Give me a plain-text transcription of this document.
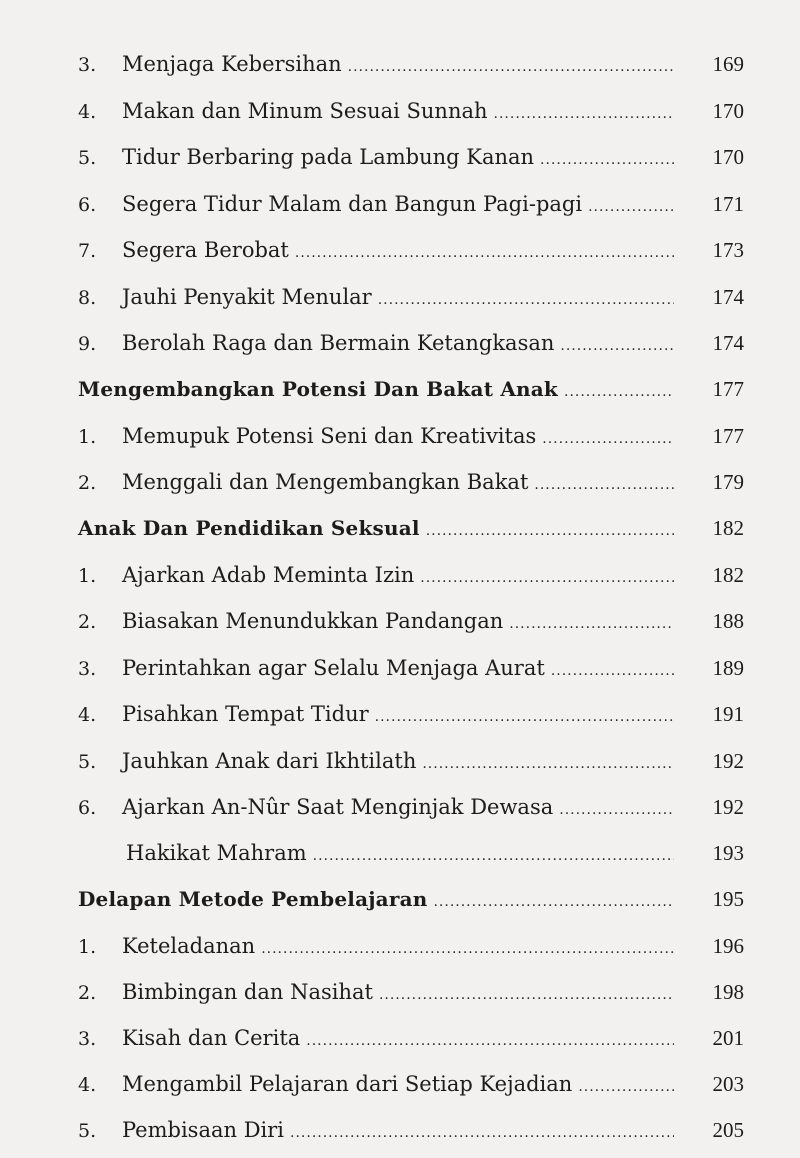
3.	Menjaga Kebersihan .....	169
4.	Makan dan Minum Sesuai Sunnah .....	170
5.	Tidur Berbaring pada Lambung Kanan .....	170
6.	Segera Tidur Malam dan Bangun Pagi-pagi .....	171
7.	Segera Berobat .....	173
8.	Jauhi Penyakit Menular .....	174
9.	Berolah Raga dan Bermain Ketangkasan .....	174
Mengembangkan Potensi Dan Bakat Anak .....	177
1.	Memupuk Potensi Seni dan Kreativitas .....	177
2.	Menggali dan Mengembangkan Bakat .....	179
Anak Dan Pendidikan Seksual .....	182
1.	Ajarkan Adab Meminta Izin .....	182
2.	Biasakan Menundukkan Pandangan .....	188
3.	Perintahkan agar Selalu Menjaga Aurat .....	189
4.	Pisahkan Tempat Tidur .....	191
5.	Jauhkan Anak dari Ikhtilath .....	192
6.	Ajarkan An-Nûr Saat Menginjak Dewasa .....	192
Hakikat Mahram .....	193
Delapan Metode Pembelajaran .....	195
1.	Keteladanan .....	196
2.	Bimbingan dan Nasihat .....	198
3.	Kisah dan Cerita .....	201
4.	Mengambil Pelajaran dari Setiap Kejadian .....	203
5.	Pembisaan Diri .....	205
